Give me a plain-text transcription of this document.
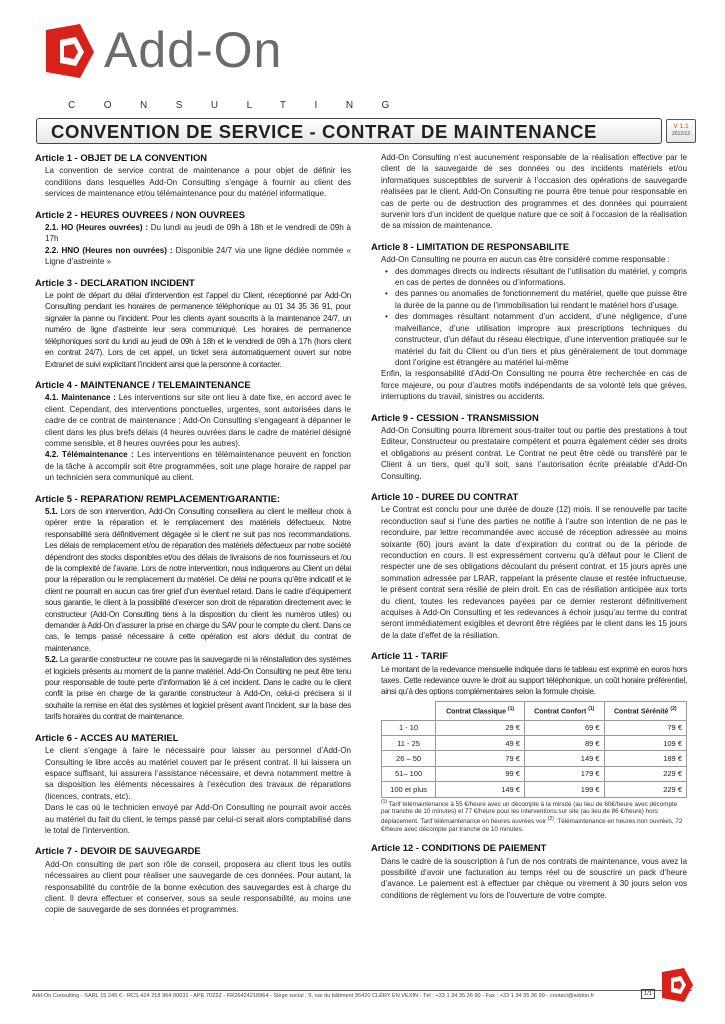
Add-On
CONSULTING
CONVENTION DE SERVICE - CONTRAT DE MAINTENANCE	V 1.1
2012/12
Article 1 - OBJET DE LA CONVENTION

La convention de service contrat de maintenance a pour objet de définir les conditions dans lesquelles Add-On Consulting s’engage à fournir au client des services de maintenance et/ou télémaintenance pour du matériel informatique.

Article 2 - HEURES OUVREES / NON OUVREES

2.1. HO (Heures ouvrées) : Du lundi au jeudi de 09h à 18h et le vendredi de 09h à 17h

2.2. HNO (Heures non ouvrées) : Disponible 24/7 via une ligne dédiée nommée « Ligne d’astreinte »

Article 3 - DECLARATION INCIDENT

Le point de départ du délai d’intervention est l’appel du Client, réceptionné par Add-On Consulting pendant les horaires de permanence téléphonique au 01 34 35 36 91, pour signaler la panne ou l’incident. Pour les clients ayant souscrits à la maintenance 24/7, un numéro de ligne d’astreinte leur sera communiqué. Les horaires de permanence téléphoniques sont du lundi au jeudi de 09h à 18h et le vendredi de 09h à 17h (hors client en contrat 24/7). Lors de cet appel, un ticket sera automatiquement ouvert sur notre Extranet de suivi explicitant l’incident ainsi que la personne à contacter.

Article 4 - MAINTENANCE / TELEMAINTENANCE

4.1. Maintenance : Les interventions sur site ont lieu à date fixe, en accord avec le client. Cependant, des interventions ponctuelles, urgentes, sont autorisées dans le cadre de ce contrat de maintenance ; Add-On Consulting s’engageant à dépanner le client dans les plus brefs délais (4 heures ouvrées dans le cadre de matériel désigné comme sensible, et 8 heures ouvrées pour les autres).

4.2. Télémaintenance : Les interventions en télémaintenance peuvent en fonction de la tâche à accomplir soit être programmées, soit une plage horaire de rappel par un technicien sera communiqué au client.

Article 5 - REPARATION/ REMPLACEMENT/GARANTIE:

5.1. Lors de son intervention, Add-On Consulting conseillera au client le meilleur choix à opérer entre la réparation et le remplacement des matériels défectueux. Notre responsabilité sera définitivement dégagée si le client ne suit pas nos recommandations. Les délais de remplacement et/ou de réparation des matériels défectueux par notre société dépendront des stocks disponibles et/ou des délais de livraisons de nos fournisseurs et /ou de la complexité de l’avarie. Lors de notre intervention, nous indiquerons au Client un délai pour la réparation ou le remplacement du matériel. Ce délai ne pourra qu’être indicatif et le client ne pourrait en aucun cas tirer grief d’un éventuel retard. Dans le cadre d’équipement sous garantie, le client à la possibilité d’exercer son droit de réparation directement avec le constructeur (Add-On Consulting tiens à la disposition du client les numéros utiles) ou demander à Add-On d’assurer la prise en charge du SAV pour le compte du client. Dans ce cas, le temps passé nécessaire à cette opération est alors déduit du contrat de maintenance.

5.2. La garantie constructeur ne couvre pas la sauvegarde ni la réinstallation des systèmes et logiciels présents au moment de la panne matériel. Add-On Consulting ne peut être tenu pour responsable de toute perte d’information lié à cet incident. Dans le cadre ou le client confit la prise en charge de la garantie constructeur à Add-On, celui-ci précisera si il souhaite la remise en état des systèmes et logiciel présent avant l’incident, sur la base des tarifs horaires du contrat de maintenance.

Article 6 - ACCES AU MATERIEL

Le client s’engage à faire le nécessaire pour laisser au personnel d’Add-On Consulting le libre accès au matériel couvert par le présent contrat. Il lui laissera un espace suffisant, lui assurera l’assistance nécessaire, et devra notamment mettre à sa disposition les éléments nécessaires à l’exécution des travaux de réparations (licences, contrats, etc).

Dans le cas où le technicien envoyé par Add-On Consulting ne pourrait avoir accès au matériel du fait du client, le temps passé par celui-ci serait alors comptabilisé dans le total de l’intervention.

Article 7 - DEVOIR DE SAUVEGARDE

Add-On consulting de part son rôle de conseil, proposera au client tous les outils nécessaires au client pour réaliser une sauvegarde de ces données. Pour autant, la responsabilité du contrôle de la bonne exécution des sauvegardes est à charge du client. Il devra effectuer et conserver, sous sa seule responsabilité, au moins une copie de sauvegarde de ses données et programmes.

Add-On Consulting n’est aucunement responsable de la réalisation effective par le client de la sauvegarde de ses données ou des incidents matériels et/ou informatiques susceptibles de survenir à l’occasion des opérations de sauvegarde réalisées par le client. Add-On Consulting ne pourra être tenue pour responsable en cas de perte ou de destruction des programmes et des données qui pourraient survenir lors d’un incident de quelque nature que ce soit à l’occasion de la réalisation de sa mission de maintenance.

Article 8 - LIMITATION DE RESPONSABILITE

Add-On Consulting ne pourra en aucun cas être considéré comme responsable :

• des dommages directs ou indirects résultant de l’utilisation du matériel, y compris en cas de pertes de données ou d’informations.
• des pannes ou anomalies de fonctionnement du matériel, quelle que puisse être la durée de la panne ou de l’immobilisation lui rendant le matériel hors d’usage.
• des dommages résultant notamment d’un accident, d’une négligence, d’une malveillance, d’une utilisation impropre aux prescriptions techniques du constructeur, d’un défaut du réseau électrique, d’une intervention pratiquée sur le matériel du fait du Client ou d’un tiers et plus généralement de tout dommage dont l’origine est étrangère au matériel lui-même

Enfin, la responsabilité d’Add-On Consulting ne pourra être recherchée en cas de force majeure, ou pour d’autres motifs indépendants de sa volonté tels que grèves, interruptions du travail, sinistres ou accidents.

Article 9 - CESSION - TRANSMISSION

Add-On Consulting pourra librement sous-traiter tout ou partie des prestations à tout Editeur, Constructeur ou prestataire compétent et pourra également céder ses droits et obligations au présent contrat. Le Contrat ne peut être cédé ou transféré par le Client à un tiers, quel qu’il soit, sans l’autorisation écrite préalable d’Add-On Consulting.

Article 10 - DUREE DU CONTRAT

Le Contrat est conclu pour une durée de douze (12) mois. Il se renouvelle par tacite reconduction sauf si l’une des parties ne notifie à l’autre son intention de ne pas le reconduire, par lettre recommandée avec accusé de réception adressée au moins soixante (60) jours avant la date d’expiration du contrat ou de la période de reconduction en cours. Il est expressément convenu qu’à défaut pour le Client de respecter une de ses obligations découlant du présent contrat, et 15 jours après une sommation adressée par LRAR, rappelant la présente clause et restée infructueuse, le présent contrat sera résilié de plein droit. En cas de résiliation anticipée aux torts du client, toutes les redevances payées par ce dernier resteront définitivement acquises à Add-On Consulting et les redevances à échoir jusqu’au terme du contrat seront immédiatement exigibles et devront être réglées par le client dans les 15 jours de la date d’effet de la résiliation.

Article 11 - TARIF

Le montant de la redevance mensuelle indiquée dans le tableau est exprimé en euros hors taxes. Cette redevance ouvre le droit au support téléphonique, un coût horaire préférentiel, ainsi qu’à des options complémentaires selon la formule choisie.

	Contrat Classique $^{(1)}$	Contrat Confort $^{(1)}$	Contrat Sérénité $^{(2)}$
1 - 10	29 €	69 €	79 €
11 - 25	49 €	89 €	109 €
26 – 50	79 €	149 €	189 €
51– 100	99 €	179 €	229 €
100 et plus	149 €	199 €	229 €
$^{(1)}$ Tarif télémaintenance à 55 €/heure avec un décompte à la minute (au lieu de 60€/heure avec décompte par tranche de 10 minutes) et 77 €/heure pour les interventions sur site (au lieu de 86 €/heure) hors déplacement. Tarif télémaintenance en heures ouvrées voir $^{(2)}$. Télémaintenance en heures non ouvrées, 72 €/heure avec décompte par tranche de 10 minutes.
Article 12 - CONDITIONS DE PAIEMENT

Dans le cadre de la souscription à l’un de nos contrats de maintenance, vous avez la possibilité d’avoir une facturation au temps réel ou de souscrire un pack d’heure d’avance. Le paiement est à effectuer par chèque ou virement à 30 jours selon vos conditions de règlement vu lors de l’ouverture de votre compte.

Add-On Consulting - SARL 15.245 € - RCS 424 218 964 00031 - APE 7022Z - FR26424218964 - Siège social : 9, rue du bâtiment 95420 CLÉRY EN VEXIN - Tél : +33 1 34 35 36 90 - Fax : +33 1 34 35 36 99 - contact@addon.fr	1/1
